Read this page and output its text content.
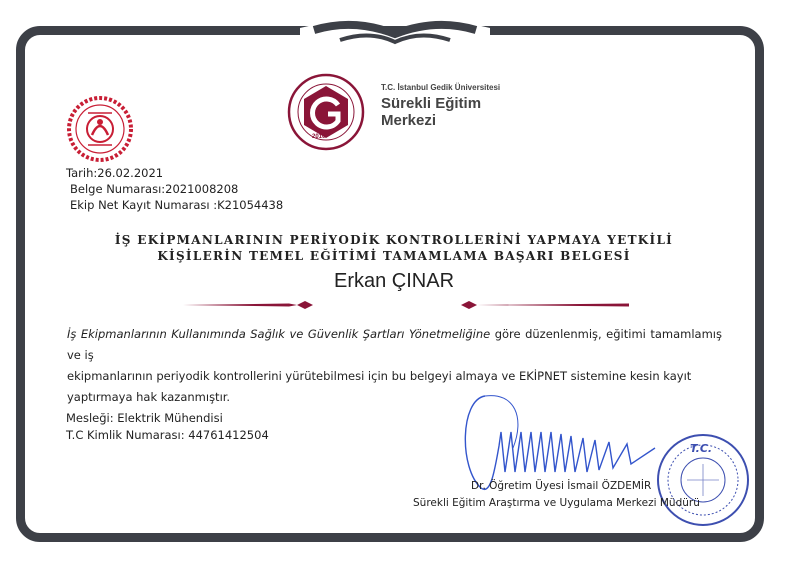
2010
T.C. İstanbul Gedik Üniversitesi
Sürekli Eğitim
Merkezi
Tarih:26.02.2021
Belge Numarası:2021008208
Ekip Net Kayıt Numarası :K21054438
İŞ EKİPMANLARININ PERİYODİK KONTROLLERİNİ YAPMAYA YETKİLİ
KİŞİLERİN TEMEL EĞİTİMİ TAMAMLAMA BAŞARI BELGESİ
Erkan ÇINAR
İş Ekipmanlarının Kullanımında Sağlık ve Güvenlik Şartları Yönetmeliğine göre düzenlenmiş, eğitimi tamamlamış ve iş
ekipmanlarının periyodik kontrollerini yürütebilmesi için bu belgeyi almaya ve EKİPNET sistemine kesin kayıt
yaptırmaya hak kazanmıştır.
Mesleği: Elektrik Mühendisi
T.C Kimlik Numarası: 44761412504
T.C.
Dr. Öğretim Üyesi İsmail ÖZDEMİR
Sürekli Eğitim Araştırma ve Uygulama Merkezi Müdürü
